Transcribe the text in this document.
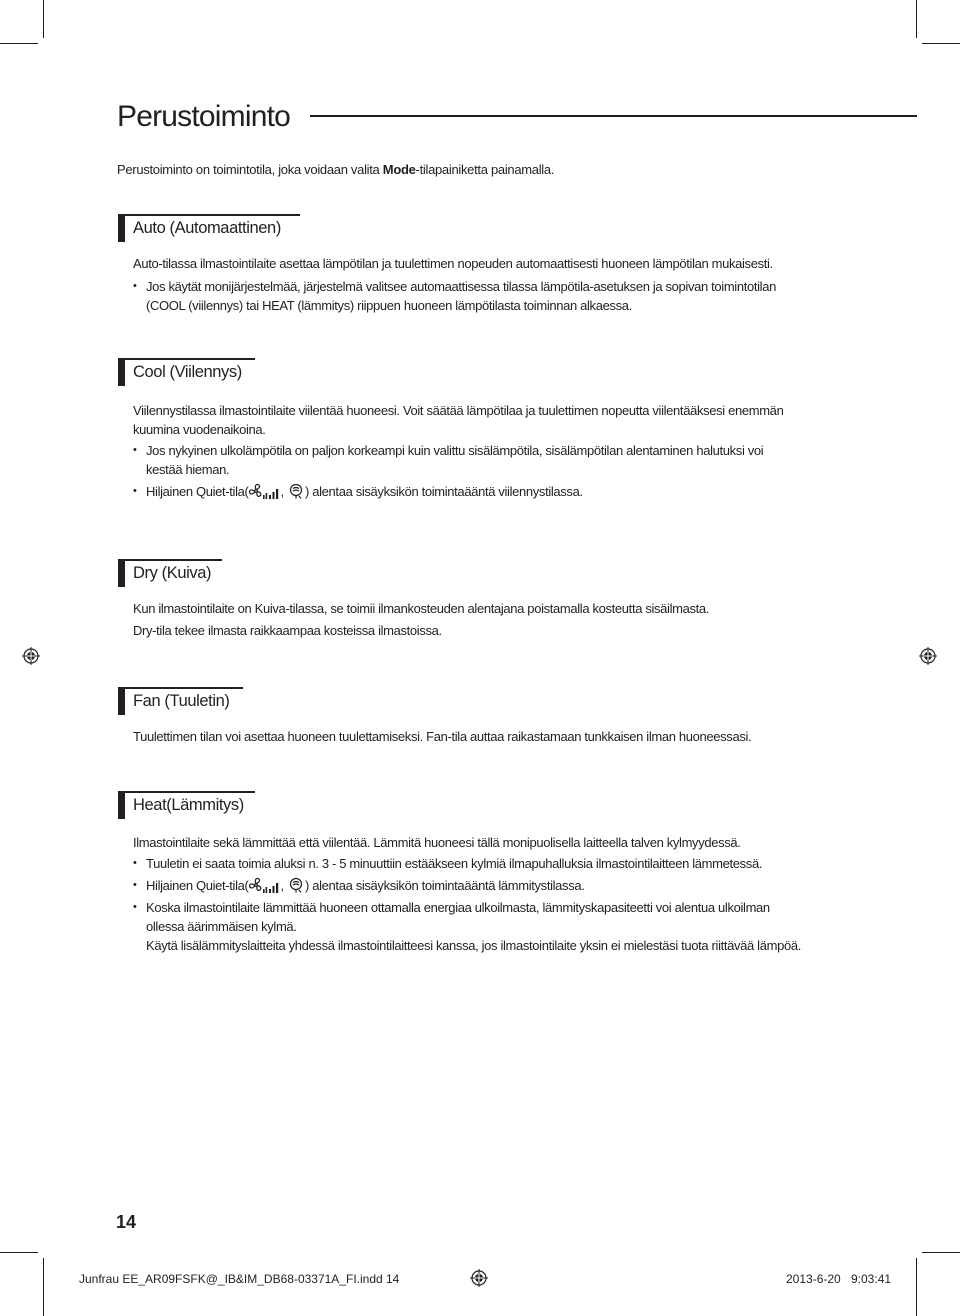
Perustoiminto

Perustoiminto on toimintotila, joka voidaan valita Mode-tilapainiketta painamalla.

Auto (Automaattinen)

Auto-tilassa ilmastointilaite asettaa lämpötilan ja tuulettimen nopeuden automaattisesti huoneen lämpötilan mukaisesti.

• Jos käytät monijärjestelmää, järjestelmä valitsee automaattisessa tilassa lämpötila-asetuksen ja sopivan toimintotilan
(COOL (viilennys) tai HEAT (lämmitys) riippuen huoneen lämpötilasta toiminnan alkaessa.
Cool (Viilennys)

Viilennystilassa ilmastointilaite viilentää huoneesi. Voit säätää lämpötilaa ja tuulettimen nopeutta viilentääksesi enemmän
kuumina vuodenaikoina.

• Jos nykyinen ulkolämpötila on paljon korkeampi kuin valittu sisälämpötila, sisälämpötilan alentaminen halutuksi voi
kestää hieman.
• Hiljainen Quiet-tila( , ) alentaa sisäyksikön toimintaääntä viilennystilassa.
Dry (Kuiva)

Kun ilmastointilaite on Kuiva-tilassa, se toimii ilmankosteuden alentajana poistamalla kosteutta sisäilmasta.

Dry-tila tekee ilmasta raikkaampaa kosteissa ilmastoissa.

Fan (Tuuletin)

Tuulettimen tilan voi asettaa huoneen tuulettamiseksi. Fan-tila auttaa raikastamaan tunkkaisen ilman huoneessasi.

Heat(Lämmitys)

Ilmastointilaite sekä lämmittää että viilentää. Lämmitä huoneesi tällä monipuolisella laitteella talven kylmyydessä.

• Tuuletin ei saata toimia aluksi n. 3 - 5 minuuttiin estääkseen kylmiä ilmapuhalluksia ilmastointilaitteen lämmetessä.
• Hiljainen Quiet-tila( , ) alentaa sisäyksikön toimintaääntä lämmitystilassa.
• Koska ilmastointilaite lämmittää huoneen ottamalla energiaa ulkoilmasta, lämmityskapasiteetti voi alentua ulkoilman
ollessa äärimmäisen kylmä.
Käytä lisälämmityslaitteita yhdessä ilmastointilaitteesi kanssa, jos ilmastointilaite yksin ei mielestäsi tuota riittävää lämpöä.

14

Junfrau EE_AR09FSFK@_IB&IM_DB68-03371A_FI.indd 14	2013-6-20 9:03:41
